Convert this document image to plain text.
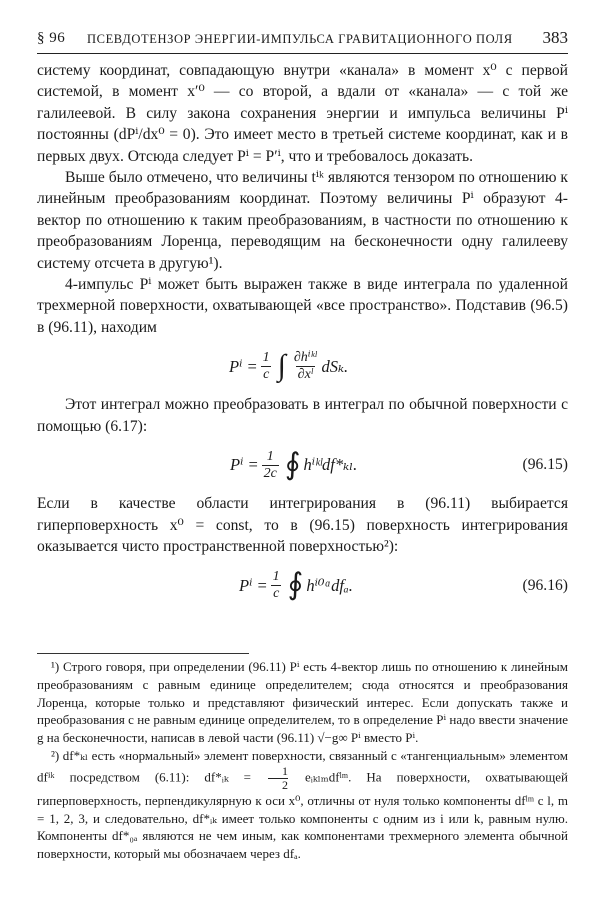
§ 96 ПСЕВДОТЕНЗОР ЭНЕРГИИ-ИМПУЛЬСА ГРАВИТАЦИОННОГО ПОЛЯ 383

систему координат, совпадающую внутри «канала» в момент x⁰ с первой системой, в момент x′⁰ — со второй, а вдали от «канала» — с той же галилеевой. В силу закона сохранения энергии и импульса величины Pⁱ постоянны (dPⁱ/dx⁰ = 0). Это имеет место в третьей системе координат, как и в первых двух. Отсюда следует Pⁱ = P′ⁱ, что и требовалось доказать.

Выше было отмечено, что величины tⁱᵏ являются тензором по отношению к линейным преобразованиям координат. Поэтому величины Pⁱ образуют 4-вектор по отношению к таким преобразованиям, в частности по отношению к преобразованиям Лоренца, переводящим на бесконечности одну галилееву систему отсчета в другую¹).

4-импульс Pⁱ может быть выражен также в виде интеграла по удаленной трехмерной поверхности, охватывающей «все пространство». Подставив (96.5) в (96.11), находим

$P^i = \frac{1}{c}$ ∫ $\frac{\text{∂hⁱᵏˡ}}{\text{∂xˡ}} dS_k$.

Этот интеграл можно преобразовать в интеграл по обычной поверхности с помощью (6.17):

$P^i = \frac{1}{2c}$ ∮ hⁱᵏˡdf*ₖₗ.	(96.15)

Если в качестве области интегрирования в (96.11) выбирается гиперповерхность x⁰ = const, то в (96.15) поверхность интегрирования оказывается чисто пространственной поверхностью²):

$P^i = \frac{1}{c}$ ∮ hⁱ⁰ᵅdfₐ.	(96.16)

¹) Строго говоря, при определении (96.11) Pⁱ есть 4-вектор лишь по отношению к линейным преобразованиям с равным единице определителем; сюда относятся и преобразования Лоренца, которые только и представляют физический интерес. Если допускать также и преобразования с не равным единице определителем, то в определение Pⁱ надо ввести значение g на бесконечности, написав в левой части (96.11) √−g∞ Pⁱ вместо Pⁱ.

²) df*ₖₗ есть «нормальный» элемент поверхности, связанный с «тангенциальным» элементом dfⁱᵏ посредством (6.11): df*ᵢₖ = $\frac{1}{2}$ eᵢₖₗₘdfˡᵐ. На поверхности, охватывающей гиперповерхность, перпендикулярную к оси x⁰, отличны от нуля только компоненты dfˡᵐ с l, m = 1, 2, 3, и следовательно, df*ᵢₖ имеет только компоненты с одним из i или k, равным нулю. Компоненты df*₀ₐ являются не чем иным, как компонентами трехмерного элемента обычной поверхности, который мы обозначаем через dfₐ.
